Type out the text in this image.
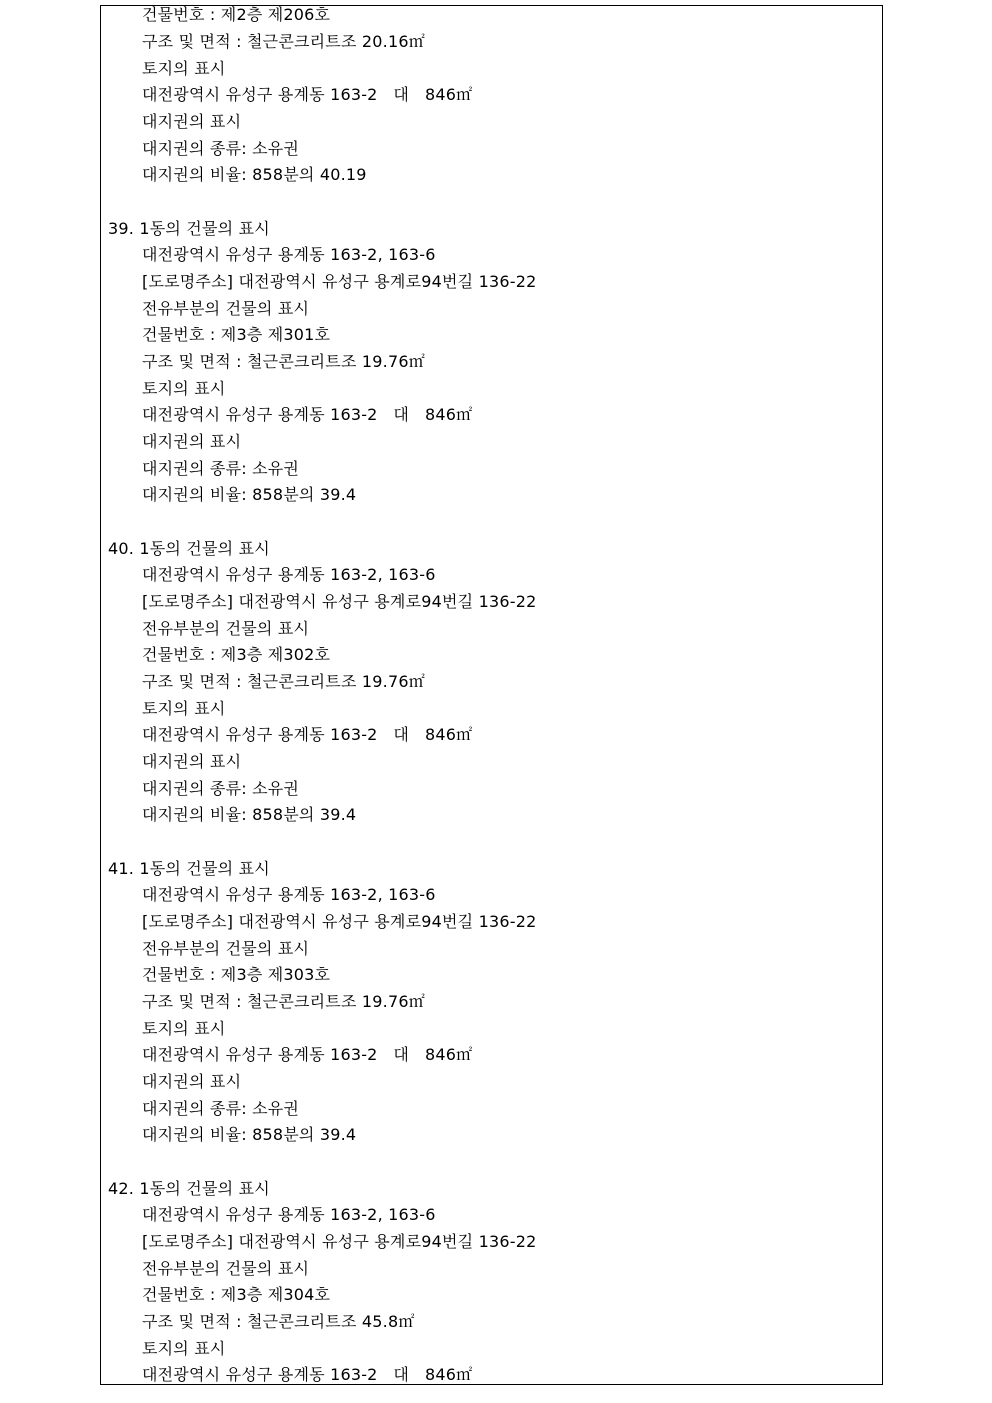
건물번호 : 제2층 제206호
구조 및 면적 : 철근콘크리트조 20.16㎡
토지의 표시
대전광역시 유성구 용계동 163-2   대   846㎡
대지권의 표시
대지권의 종류: 소유권
대지권의 비율: 858분의 40.19
39. 1동의 건물의 표시
대전광역시 유성구 용계동 163-2, 163-6
[도로명주소] 대전광역시 유성구 용계로94번길 136-22
전유부분의 건물의 표시
건물번호 : 제3층 제301호
구조 및 면적 : 철근콘크리트조 19.76㎡
토지의 표시
대전광역시 유성구 용계동 163-2   대   846㎡
대지권의 표시
대지권의 종류: 소유권
대지권의 비율: 858분의 39.4
40. 1동의 건물의 표시
대전광역시 유성구 용계동 163-2, 163-6
[도로명주소] 대전광역시 유성구 용계로94번길 136-22
전유부분의 건물의 표시
건물번호 : 제3층 제302호
구조 및 면적 : 철근콘크리트조 19.76㎡
토지의 표시
대전광역시 유성구 용계동 163-2   대   846㎡
대지권의 표시
대지권의 종류: 소유권
대지권의 비율: 858분의 39.4
41. 1동의 건물의 표시
대전광역시 유성구 용계동 163-2, 163-6
[도로명주소] 대전광역시 유성구 용계로94번길 136-22
전유부분의 건물의 표시
건물번호 : 제3층 제303호
구조 및 면적 : 철근콘크리트조 19.76㎡
토지의 표시
대전광역시 유성구 용계동 163-2   대   846㎡
대지권의 표시
대지권의 종류: 소유권
대지권의 비율: 858분의 39.4
42. 1동의 건물의 표시
대전광역시 유성구 용계동 163-2, 163-6
[도로명주소] 대전광역시 유성구 용계로94번길 136-22
전유부분의 건물의 표시
건물번호 : 제3층 제304호
구조 및 면적 : 철근콘크리트조 45.8㎡
토지의 표시
대전광역시 유성구 용계동 163-2   대   846㎡
